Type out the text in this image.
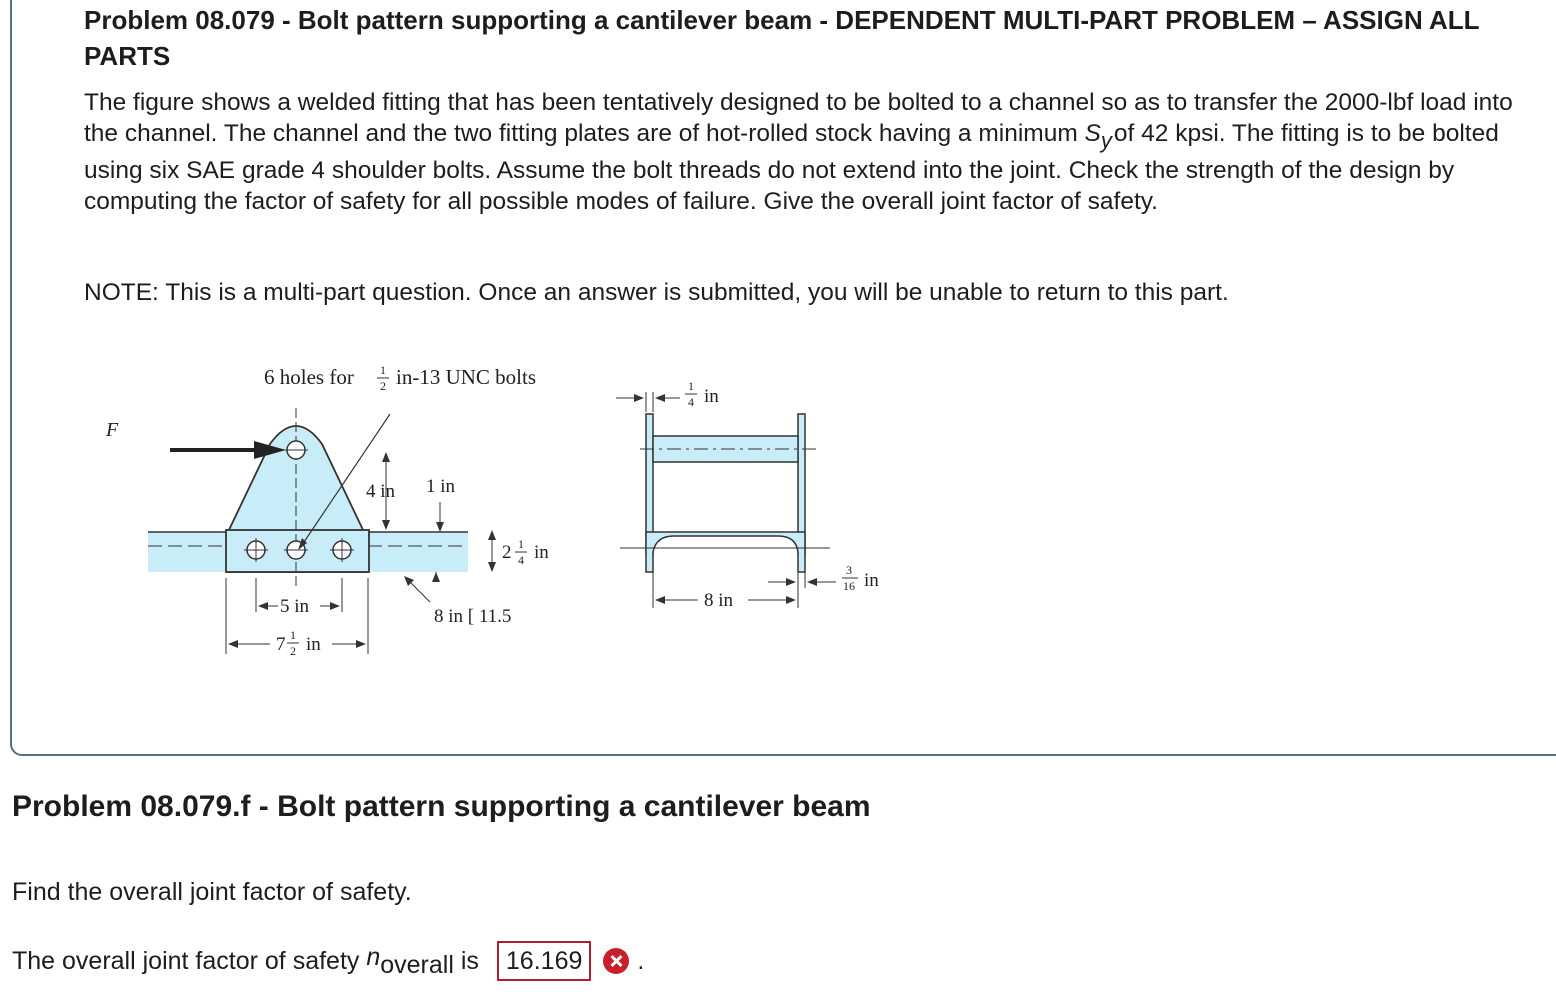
Problem 08.079 - Bolt pattern supporting a cantilever beam - DEPENDENT MULTI-PART PROBLEM – ASSIGN ALL PARTS

The figure shows a welded fitting that has been tentatively designed to be bolted to a channel so as to transfer the 2000-lbf load into the channel. The channel and the two fitting plates are of hot-rolled stock having a minimum $S_yof$ 42 kpsi. The fitting is to be bolted using six SAE grade 4 shoulder bolts. Assume the bolt threads do not extend into the joint. Check the strength of the design by computing the factor of safety for all possible modes of failure. Give the overall joint factor of safety.

NOTE: This is a multi-part question. Once an answer is submitted, you will be unable to return to this part.

F
6 holes for 1
2 in-13 UNC bolts
4 in 1 in
2 1
4 in
5 in
7 1
2 in
8 in [ 11.5
1
4 in
8 in
3
16 in
Problem 08.079.f - Bolt pattern supporting a cantilever beam

Find the overall joint factor of safety.

The overall joint factor of safety $n_{overall}$ is	16.169	.
